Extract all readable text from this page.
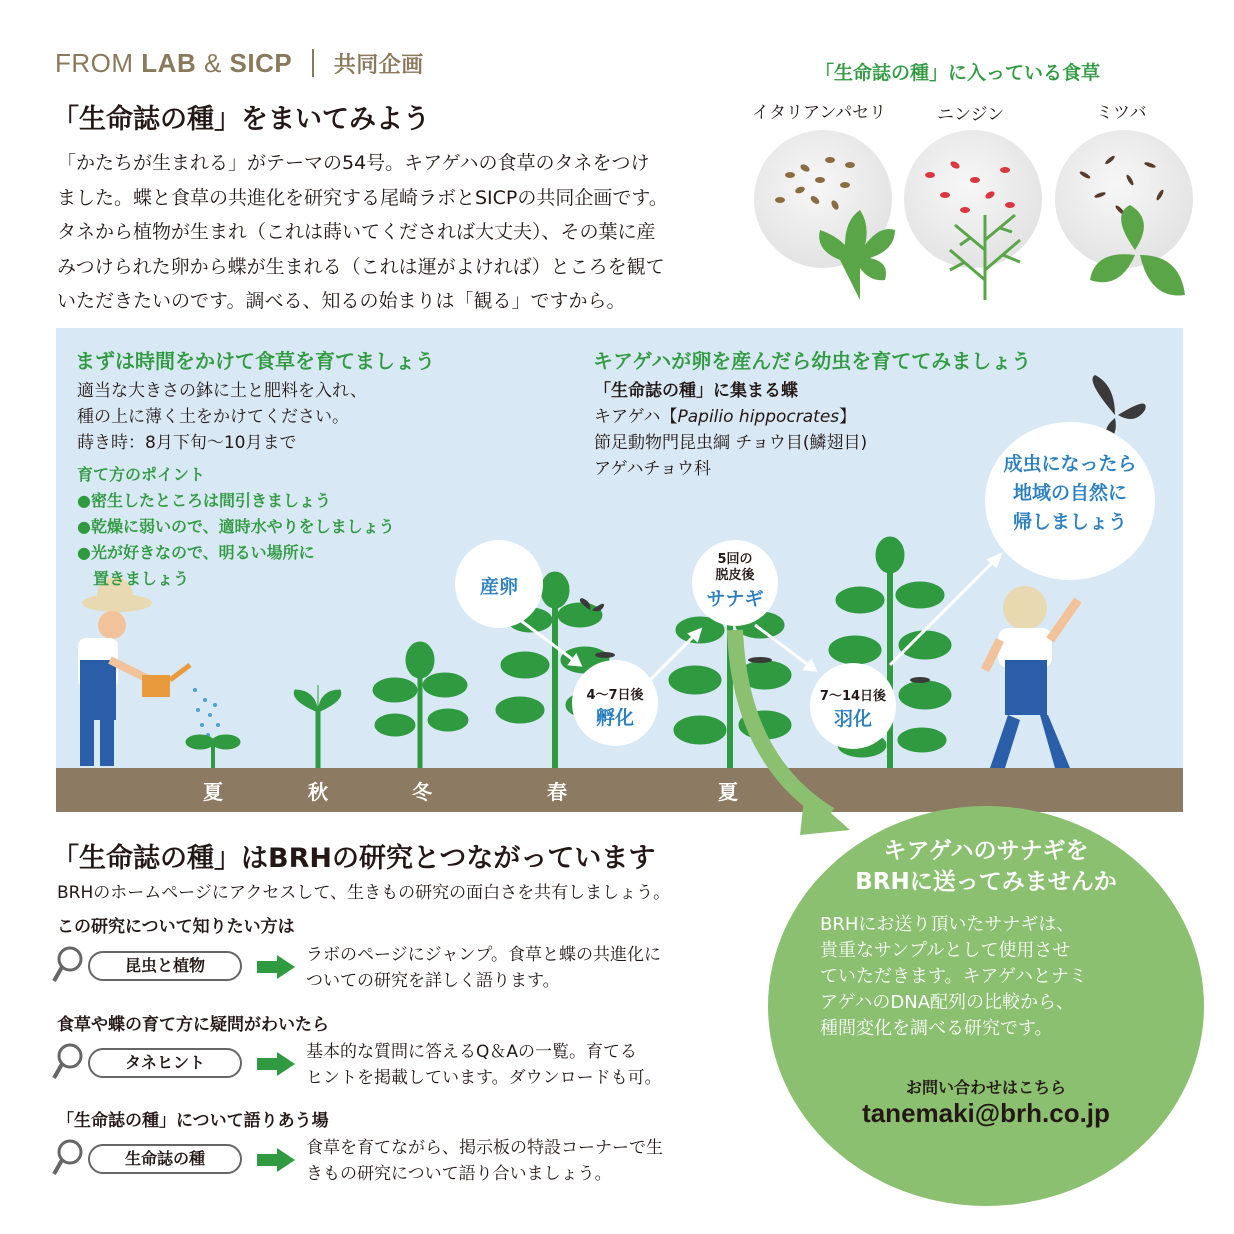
FROM LAB & SICP 共同企画
「生命誌の種」をまいてみよう
「かたちが生まれる」がテーマの54号。キアゲハの食草のタネをつけ
ました。蝶と食草の共進化を研究する尾崎ラボとSICPの共同企画です。
タネから植物が生まれ（これは蒔いてくだされば大丈夫）、その葉に産
みつけられた卵から蝶が生まれる（これは運がよければ）ところを観て
いただきたいのです。調べる、知るの始まりは「観る」ですから。
「生命誌の種」に入っている食草
イタリアンパセリ	ニンジン	ミツバ
まずは時間をかけて食草を育てましょう
適当な大きさの鉢に土と肥料を入れ、
種の上に薄く土をかけてください。
蒔き時：8月下旬〜10月まで
育て方のポイント
●密生したところは間引きましょう
●乾燥に弱いので、適時水やりをしましょう
●光が好きなので、明るい場所に
　置きましょう
キアゲハが卵を産んだら幼虫を育ててみましょう
「生命誌の種」に集まる蝶
キアゲハ【Papilio hippocrates】
節足動物門昆虫綱 チョウ目(鱗翅目)
アゲハチョウ科
産卵
4〜7日後
孵化
5回の
脱皮後
サナギ
7〜14日後
羽化
成虫になったら
地域の自然に
帰しましょう
夏	秋	冬	春	夏
キアゲハのサナギを
BRHに送ってみませんか
BRHにお送り頂いたサナギは、
貴重なサンプルとして使用させ
ていただきます。キアゲハとナミ
アゲハのDNA配列の比較から、
種間変化を調べる研究です。
お問い合わせはこちら
tanemaki@brh.co.jp
「生命誌の種」はBRHの研究とつながっています
BRHのホームページにアクセスして、生きもの研究の面白さを共有しましょう。
この研究について知りたい方は
昆虫と植物
ラボのページにジャンプ。食草と蝶の共進化に
ついての研究を詳しく語ります。
食草や蝶の育て方に疑問がわいたら
タネヒント
基本的な質問に答えるQ＆Aの一覧。育てる
ヒントを掲載しています。ダウンロードも可。
「生命誌の種」について語りあう場
生命誌の種
食草を育てながら、掲示板の特設コーナーで生
きもの研究について語り合いましょう。
